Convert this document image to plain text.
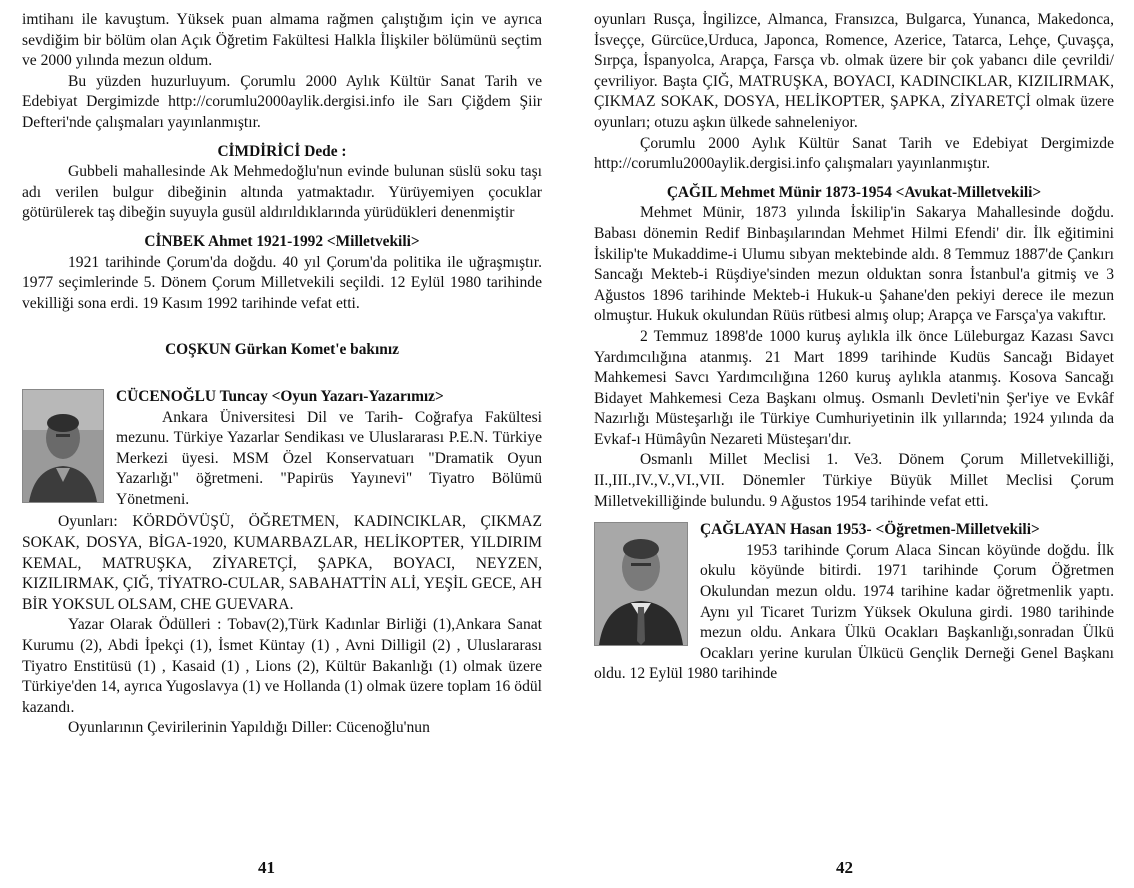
imtihanı ile kavuştum. Yüksek puan almama rağmen çalıştığım için ve ayrıca sevdiğim bir bölüm olan Açık Öğretim Fakültesi Halkla İlişkiler bölümünü seçtim ve 2000 yılında mezun oldum.

Bu yüzden huzurluyum. Çorumlu 2000 Aylık Kültür Sanat Tarih ve Edebiyat Dergimizde http://corumlu2000aylik.dergisi.info ile Sarı Çiğdem Şiir Defteri'nde çalışmaları yayınlanmıştır.

CİMDİRİCİ Dede :

Gubbeli mahallesinde Ak Mehmedoğlu'nun evinde bulunan süslü soku taşı adı verilen bulgur dibeğinin altında yatmaktadır. Yürüyemiyen çocuklar götürülerek taş dibeğin suyuyla gusül aldırıldıklarında yürüdükleri denenmiştir

CİNBEK Ahmet 1921-1992 <Milletvekili>

1921 tarihinde Çorum'da doğdu. 40 yıl Çorum'da politika ile uğraşmıştır. 1977 seçimlerinde 5. Dönem Çorum Milletvekili seçildi. 12 Eylül 1980 tarihinde vekilliği sona erdi. 19 Kasım 1992 tarihinde vefat etti.

COŞKUN Gürkan Komet'e bakınız
CÜCENOĞLU Tuncay <Oyun Yazarı-Yazarımız>

Ankara Üniversitesi Dil ve Tarih- Coğrafya Fakültesi mezunu. Türkiye Yazarlar Sendikası ve Uluslararası P.E.N. Türkiye Merkezi üyesi. MSM Özel Konservatuarı "Dramatik Oyun Yazarlığı" öğretmeni. "Papirüs Yayınevi" Tiyatro Bölümü Yönetmeni.

Oyunları: KÖRDÖVÜŞÜ, ÖĞRETMEN, KADINCIKLAR, ÇIKMAZ SOKAK, DOSYA, BİGA-1920, KUMARBAZLAR, HELİKOPTER, YILDIRIM KEMAL, MATRUŞKA, ZİYARETÇİ, ŞAPKA, BOYACI, NEYZEN, KIZILIRMAK, ÇIĞ, TİYATRO-CULAR, SABAHATTİN ALİ, YEŞİL GECE, AH BİR YOKSUL OLSAM, CHE GUEVARA.

Yazar Olarak Ödülleri : Tobav(2),Türk Kadınlar Birliği (1),Ankara Sanat Kurumu (2), Abdi İpekçi (1), İsmet Küntay (1) , Avni Dilligil (2) , Uluslararası Tiyatro Enstitüsü (1) , Kasaid (1) , Lions (2), Kültür Bakanlığı (1) olmak üzere Türkiye'den 14, ayrıca Yugoslavya (1) ve Hollanda (1) olmak üzere toplam 16 ödül kazandı.

Oyunlarının Çevirilerinin Yapıldığı Diller: Cücenoğlu'nun

41

oyunları Rusça, İngilizce, Almanca, Fransızca, Bulgarca, Yunanca, Makedonca, İsveççe, Gürcüce,Urduca, Japonca, Romence, Azerice, Tatarca, Lehçe, Çuvaşça, Sırpça, İspanyolca, Arapça, Farsça vb. olmak üzere bir çok yabancı dile çevrildi/çevriliyor. Başta ÇIĞ, MATRUŞKA, BOYACI, KADINCIKLAR, KIZILIRMAK, ÇIKMAZ SOKAK, DOSYA, HELİKOPTER, ŞAPKA, ZİYARETÇİ olmak üzere oyunları; otuzu aşkın ülkede sahneleniyor.

Çorumlu 2000 Aylık Kültür Sanat Tarih ve Edebiyat Dergimizde http://corumlu2000aylik.dergisi.info çalışmaları yayınlanmıştır.

ÇAĞIL Mehmet Münir 1873-1954 <Avukat-Milletvekili>

Mehmet Münir, 1873 yılında İskilip'in Sakarya Mahallesinde doğdu. Babası dönemin Redif Binbaşılarından Mehmet Hilmi Efendi' dir. İlk eğitimini İskilip'te Mukaddime-i Ulumu sıbyan mektebinde aldı. 8 Temmuz 1887'de Çankırı Sancağı Mekteb-i Rüşdiye'sinden mezun olduktan sonra İstanbul'a gitmiş ve 3 Ağustos 1896 tarihinde Mekteb-i Hukuk-u Şahane'den pekiyi derece ile mezun olmuştur. Hukuk okulundan Rüüs rütbesi almış olup; Arapça ve Farsça'ya vakıftır.

2 Temmuz 1898'de 1000 kuruş aylıkla ilk önce Lüleburgaz Kazası Savcı Yardımcılığına atanmış. 21 Mart 1899 tarihinde Kudüs Sancağı Bidayet Mahkemesi Savcı Yardımcılığına 1260 kuruş aylıkla atanmış. Kosova Sancağı Bidayet Mahkemesi Ceza Başkanı olmuş. Osmanlı Devleti'nin Şer'iye ve Evkâf Nazırlığı Müsteşarlığı ile Türkiye Cumhuriyetinin ilk yıllarında; 1924 yılında da Evkaf-ı Hümâyûn Nezareti Müsteşarı'dır.

Osmanlı Millet Meclisi 1. Ve3. Dönem Çorum Milletvekilliği, II.,III.,IV.,V.,VI.,VII. Dönemler Türkiye Büyük Millet Meclisi Çorum Milletvekilliğinde bulundu. 9 Ağustos 1954 tarihinde vefat etti.

ÇAĞLAYAN Hasan 1953- <Öğretmen-Milletvekili>

1953 tarihinde Çorum Alaca Sincan köyünde doğdu. İlk okulu köyünde bitirdi. 1971 tarihinde Çorum Öğretmen Okulundan mezun oldu. 1974 tarihine kadar öğretmenlik yaptı. Aynı yıl Ticaret Turizm Yüksek Okuluna girdi. 1980 tarihinde mezun oldu. Ankara Ülkü Ocakları Başkanlığı,sonradan Ülkü Ocakları yerine kurulan Ülkücü Gençlik Derneği Genel Başkanı oldu. 12 Eylül 1980 tarihinde

42
